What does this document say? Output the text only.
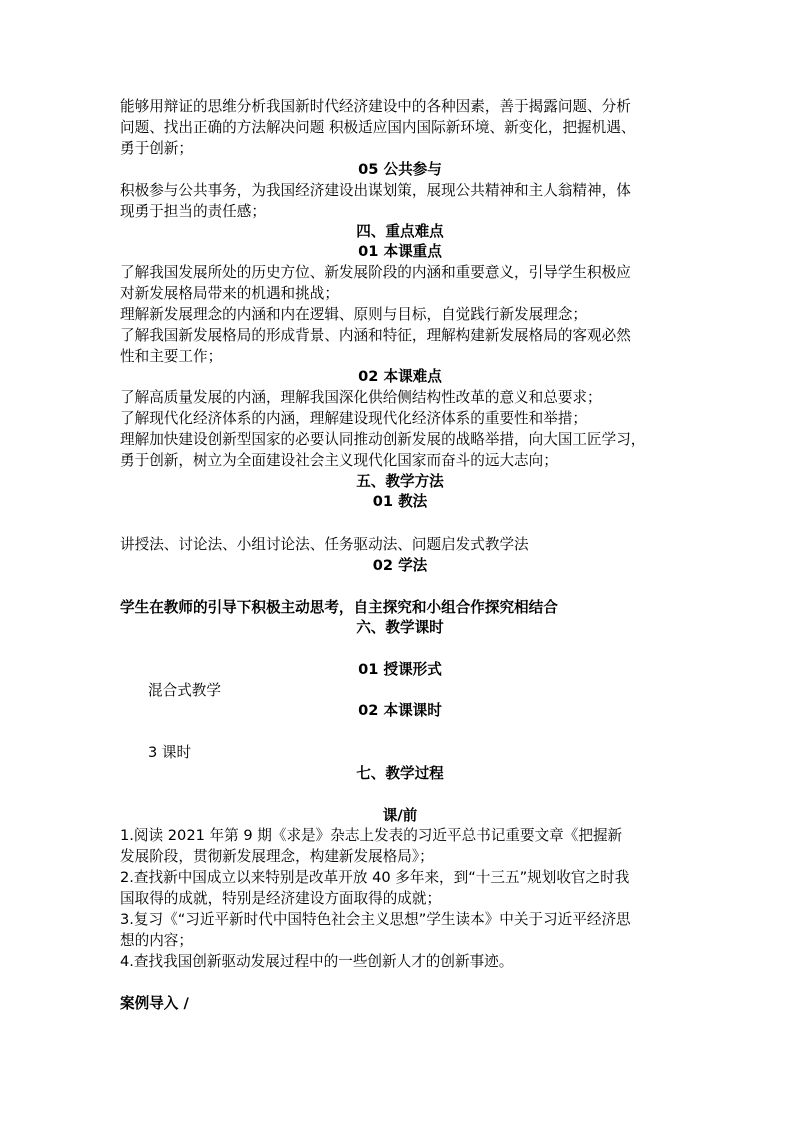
能够用辩证的思维分析我国新时代经济建设中的各种因素，善于揭露问题、分析
问题、找出正确的方法解决问题 积极适应国内国际新环境、新变化，把握机遇、
勇于创新；
05 公共参与
积极参与公共事务，为我国经济建设出谋划策，展现公共精神和主人翁精神，体
现勇于担当的责任感；
四、重点难点
01 本课重点
了解我国发展所处的历史方位、新发展阶段的内涵和重要意义，引导学生积极应
对新发展格局带来的机遇和挑战；
理解新发展理念的内涵和内在逻辑、原则与目标，自觉践行新发展理念；
了解我国新发展格局的形成背景、内涵和特征，理解构建新发展格局的客观必然
性和主要工作；
02 本课难点
了解高质量发展的内涵，理解我国深化供给侧结构性改革的意义和总要求；
了解现代化经济体系的内涵，理解建设现代化经济体系的重要性和举措；
理解加快建设创新型国家的必要认同推动创新发展的战略举措，向大国工匠学习，
勇于创新，树立为全面建设社会主义现代化国家而奋斗的远大志向；
五、教学方法
01 教法
讲授法、讨论法、小组讨论法、任务驱动法、问题启发式教学法
02 学法
学生在教师的引导下积极主动思考，自主探究和小组合作探究相结合
六、教学课时
01 授课形式
混合式教学
02 本课课时
3 课时
七、教学过程
课/前
1.阅读 2021 年第 9 期《求是》杂志上发表的习近平总书记重要文章《把握新
发展阶段，贯彻新发展理念，构建新发展格局》；
2.查找新中国成立以来特别是改革开放 40 多年来，到“十三五”规划收官之时我
国取得的成就，特别是经济建设方面取得的成就；
3.复习《“习近平新时代中国特色社会主义思想”学生读本》中关于习近平经济思
想的内容；
4.查找我国创新驱动发展过程中的一些创新人才的创新事迹。
案例导入 /
